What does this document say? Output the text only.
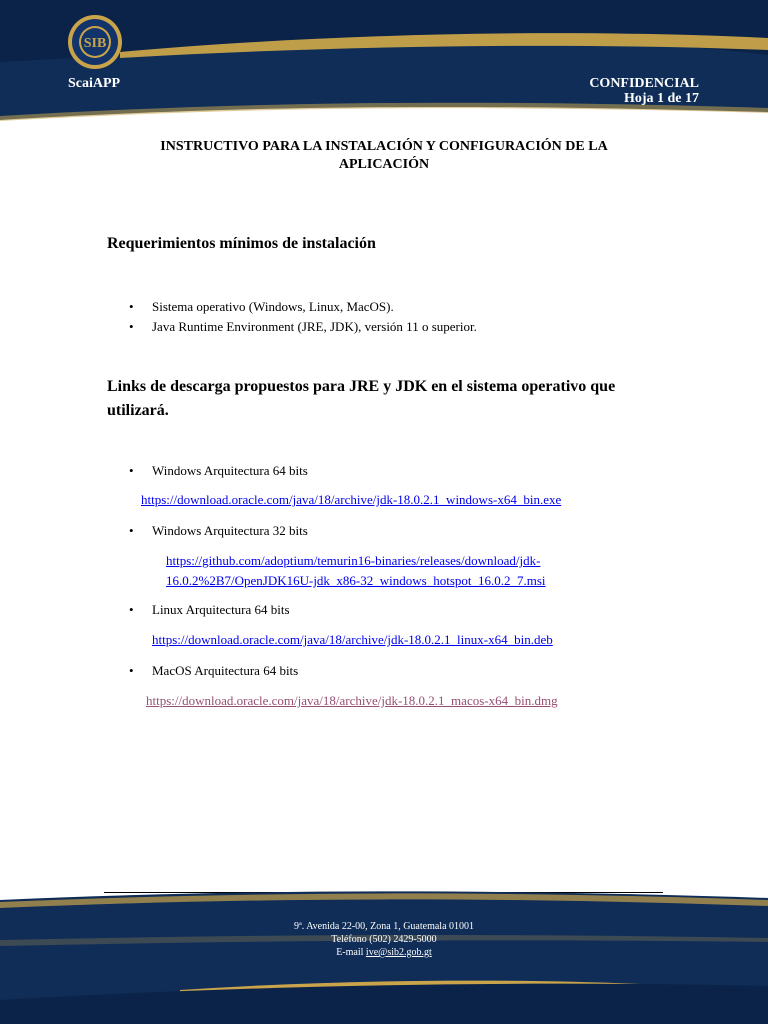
SIB
ScaiAPP	CONFIDENCIAL
Hoja 1 de 17
INSTRUCTIVO PARA LA INSTALACIÓN Y CONFIGURACIÓN DE LA
APLICACIÓN
Requerimientos mínimos de instalación
• Sistema operativo (Windows, Linux, MacOS).
• Java Runtime Environment (JRE, JDK), versión 11 o superior.
Links de descarga propuestos para JRE y JDK en el sistema operativo que
utilizará.
• Windows Arquitectura 64 bits
https://download.oracle.com/java/18/archive/jdk-18.0.2.1_windows-x64_bin.exe
• Windows Arquitectura 32 bits
https://github.com/adoptium/temurin16-binaries/releases/download/jdk-
16.0.2%2B7/OpenJDK16U-jdk_x86-32_windows_hotspot_16.0.2_7.msi
• Linux Arquitectura 64 bits
https://download.oracle.com/java/18/archive/jdk-18.0.2.1_linux-x64_bin.deb
• MacOS Arquitectura 64 bits
https://download.oracle.com/java/18/archive/jdk-18.0.2.1_macos-x64_bin.dmg
9ª. Avenida 22-00, Zona 1, Guatemala 01001
Teléfono (502) 2429-5000
E-mail ive@sib2.gob.gt
